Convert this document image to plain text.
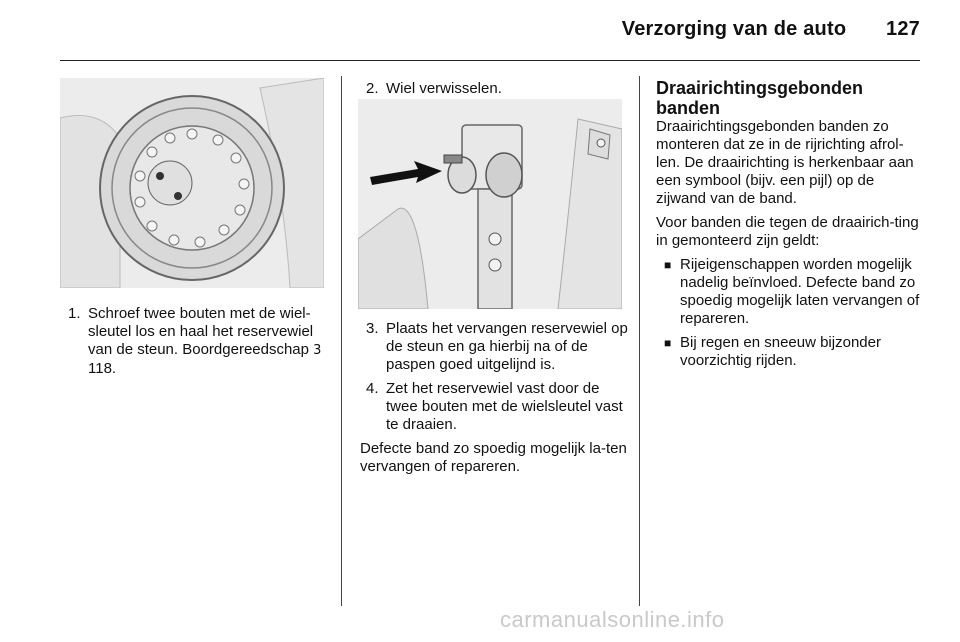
Verzorging van de auto 127
1. Schroef twee bouten met de wiel-sleutel los en haal het reservewiel van de steun. Boordgereedschap 3 118.
2. Wiel verwisselen.
3. Plaats het vervangen reservewiel op de steun en ga hierbij na of de paspen goed uitgelijnd is.
4. Zet het reservewiel vast door de twee bouten met de wielsleutel vast te draaien.

Defecte band zo spoedig mogelijk la-ten vervangen of repareren.

Draairichtingsgebonden banden

Draairichtingsgebonden banden zo monteren dat ze in de rijrichting afrol-len. De draairichting is herkenbaar aan een symbool (bijv. een pijl) op de zijwand van de band.

Voor banden die tegen de draairich-ting in gemonteerd zijn geldt:

■ Rijeigenschappen worden mogelijk nadelig beïnvloed. Defecte band zo spoedig mogelijk laten vervangen of repareren.
■ Bij regen en sneeuw bijzonder voorzichtig rijden.
carmanualsonline.info
